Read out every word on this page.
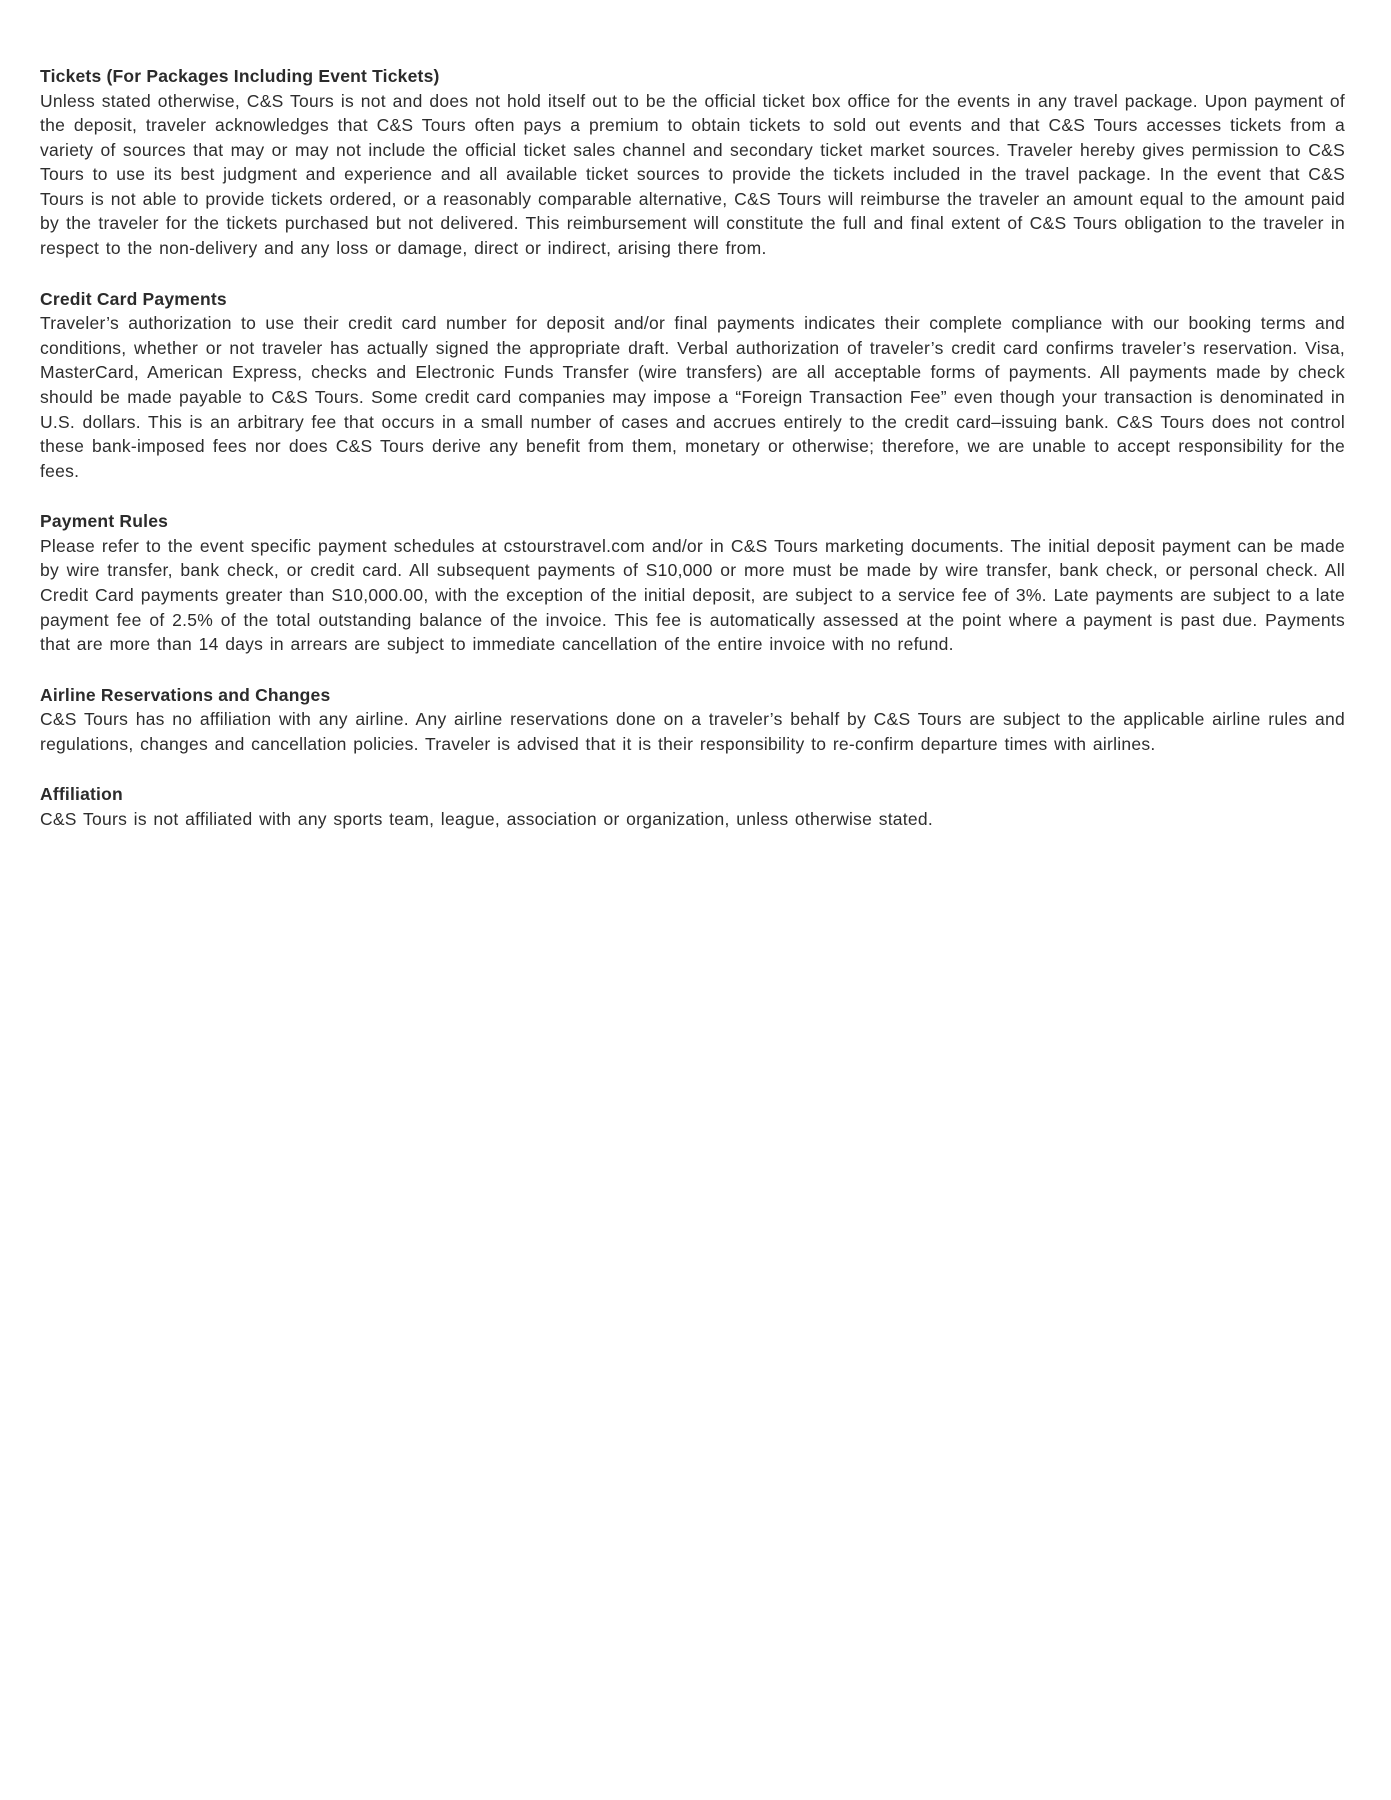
Tickets (For Packages Including Event Tickets)

Unless stated otherwise, C&S Tours is not and does not hold itself out to be the official ticket box office for the events in any travel package. Upon payment of the deposit, traveler acknowledges that C&S Tours often pays a premium to obtain tickets to sold out events and that C&S Tours accesses tickets from a variety of sources that may or may not include the official ticket sales channel and secondary ticket market sources. Traveler hereby gives permission to C&S Tours to use its best judgment and experience and all available ticket sources to provide the tickets included in the travel package. In the event that C&S Tours is not able to provide tickets ordered, or a reasonably comparable alternative, C&S Tours will reimburse the traveler an amount equal to the amount paid by the traveler for the tickets purchased but not delivered. This reimbursement will constitute the full and final extent of C&S Tours obligation to the traveler in respect to the non-delivery and any loss or damage, direct or indirect, arising there from.

Credit Card Payments

Traveler’s authorization to use their credit card number for deposit and/or final payments indicates their complete compliance with our booking terms and conditions, whether or not traveler has actually signed the appropriate draft. Verbal authorization of traveler’s credit card confirms traveler’s reservation. Visa, MasterCard, American Express, checks and Electronic Funds Transfer (wire transfers) are all acceptable forms of payments. All payments made by check should be made payable to C&S Tours. Some credit card companies may impose a “Foreign Transaction Fee” even though your transaction is denominated in U.S. dollars. This is an arbitrary fee that occurs in a small number of cases and accrues entirely to the credit card–issuing bank. C&S Tours does not control these bank-imposed fees nor does C&S Tours derive any benefit from them, monetary or otherwise; therefore, we are unable to accept responsibility for the fees.

Payment Rules

Please refer to the event specific payment schedules at cstourstravel.com and/or in C&S Tours marketing documents. The initial deposit payment can be made by wire transfer, bank check, or credit card. All subsequent payments of S10,000 or more must be made by wire transfer, bank check, or personal check. All Credit Card payments greater than S10,000.00, with the exception of the initial deposit, are subject to a service fee of 3%. Late payments are subject to a late payment fee of 2.5% of the total outstanding balance of the invoice. This fee is automatically assessed at the point where a payment is past due. Payments that are more than 14 days in arrears are subject to immediate cancellation of the entire invoice with no refund.

Airline Reservations and Changes

C&S Tours has no affiliation with any airline. Any airline reservations done on a traveler’s behalf by C&S Tours are subject to the applicable airline rules and regulations, changes and cancellation policies. Traveler is advised that it is their responsibility to re-confirm departure times with airlines.

Affiliation

C&S Tours is not affiliated with any sports team, league, association or organization, unless otherwise stated.
